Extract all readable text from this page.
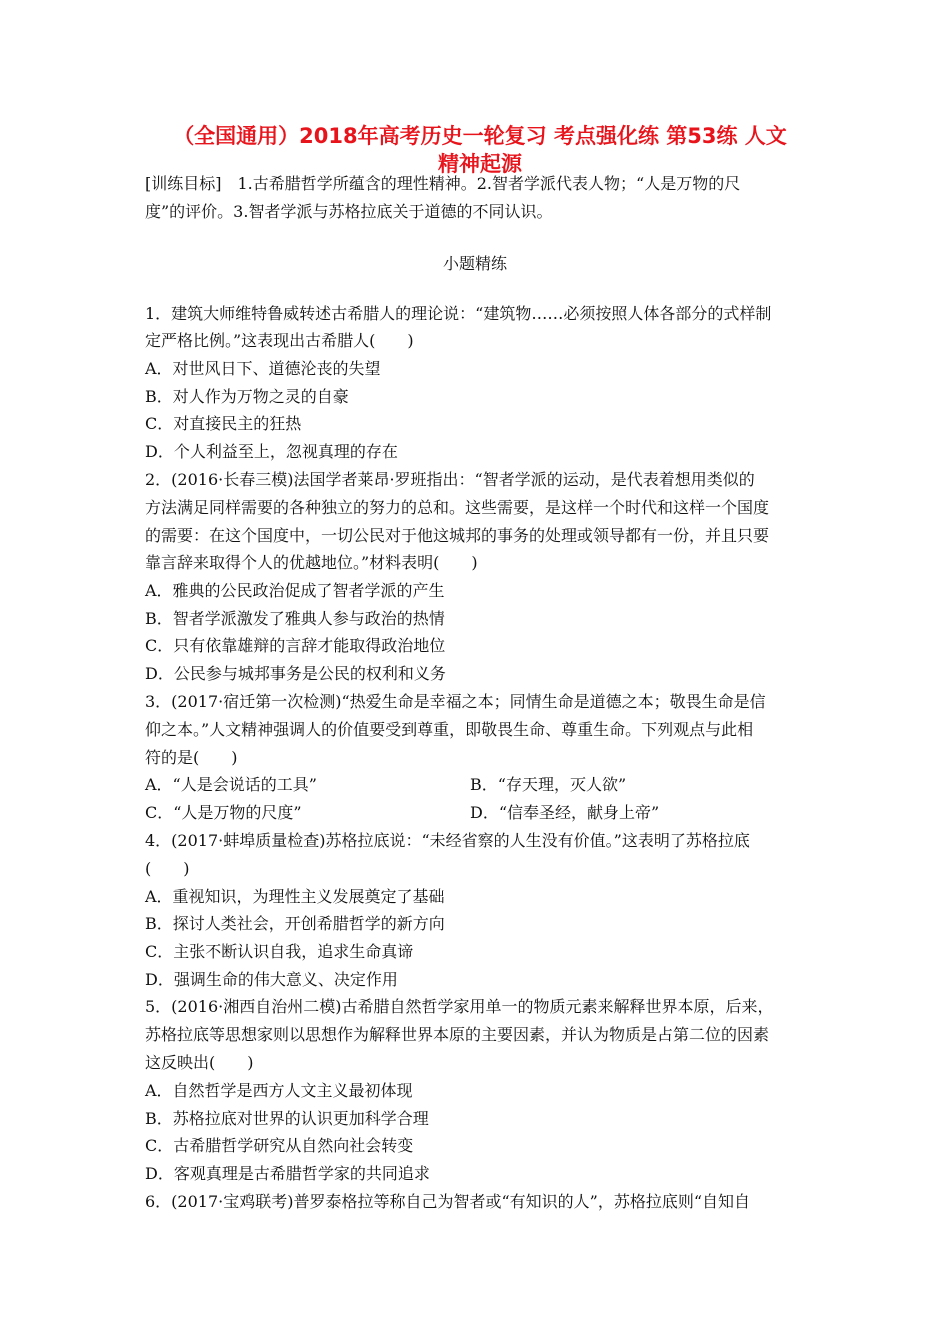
（全国通用）2018年高考历史一轮复习 考点强化练 第53练 人文
精神起源
[训练目标]　1.古希腊哲学所蕴含的理性精神。2.智者学派代表人物；“人是万物的尺
度”的评价。3.智者学派与苏格拉底关于道德的不同认识。
小题精练
1．建筑大师维特鲁威转述古希腊人的理论说：“建筑物……必须按照人体各部分的式样制
定严格比例。”这表现出古希腊人(　　)
A．对世风日下、道德沦丧的失望
B．对人作为万物之灵的自豪
C．对直接民主的狂热
D．个人利益至上，忽视真理的存在
2．(2016·长春三模)法国学者莱昂·罗班指出：“智者学派的运动，是代表着想用类似的
方法满足同样需要的各种独立的努力的总和。这些需要，是这样一个时代和这样一个国度
的需要：在这个国度中，一切公民对于他这城邦的事务的处理或领导都有一份，并且只要
靠言辞来取得个人的优越地位。”材料表明(　　)
A．雅典的公民政治促成了智者学派的产生
B．智者学派激发了雅典人参与政治的热情
C．只有依靠雄辩的言辞才能取得政治地位
D．公民参与城邦事务是公民的权利和义务
3．(2017·宿迁第一次检测)“热爱生命是幸福之本；同情生命是道德之本；敬畏生命是信
仰之本。”人文精神强调人的价值要受到尊重，即敬畏生命、尊重生命。下列观点与此相
符的是(　　)
A．“人是会说话的工具”	B．“存天理，灭人欲”
C．“人是万物的尺度”	D．“信奉圣经，献身上帝”
4．(2017·蚌埠质量检查)苏格拉底说：“未经省察的人生没有价值。”这表明了苏格拉底
(　　)
A．重视知识，为理性主义发展奠定了基础
B．探讨人类社会，开创希腊哲学的新方向
C．主张不断认识自我，追求生命真谛
D．强调生命的伟大意义、决定作用
5．(2016·湘西自治州二模)古希腊自然哲学家用单一的物质元素来解释世界本原，后来，
苏格拉底等思想家则以思想作为解释世界本原的主要因素，并认为物质是占第二位的因素
这反映出(　　)
A．自然哲学是西方人文主义最初体现
B．苏格拉底对世界的认识更加科学合理
C．古希腊哲学研究从自然向社会转变
D．客观真理是古希腊哲学家的共同追求
6．(2017·宝鸡联考)普罗泰格拉等称自己为智者或“有知识的人”，苏格拉底则“自知自
